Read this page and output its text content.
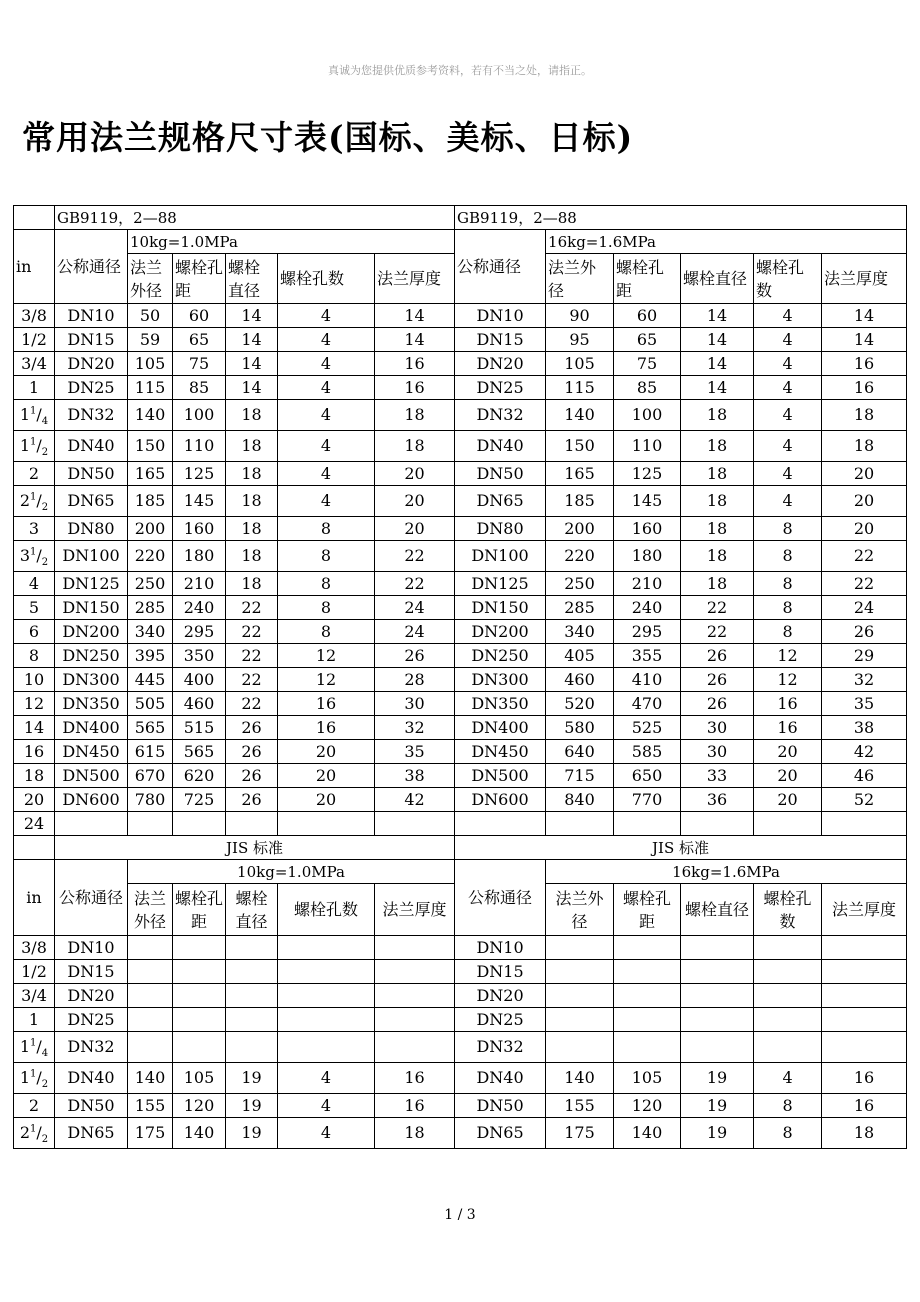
真诚为您提供优质参考资料，若有不当之处，请指正。
常用法兰规格尺寸表(国标、美标、日标)
	GB9119，2—88						GB9119，2—88					
in	公称通径	10kg=1.0MPa					公称通径	16kg=1.6MPa				
		法兰外径	螺栓孔距	螺栓直径	螺栓孔数	法兰厚度		法兰外径	螺栓孔距	螺栓直径	螺栓孔数	法兰厚度
3/8	DN10	50	60	14	4	14	DN10	90	60	14	4	14
1/2	DN15	59	65	14	4	14	DN15	95	65	14	4	14
3/4	DN20	105	75	14	4	16	DN20	105	75	14	4	16
1	DN25	115	85	14	4	16	DN25	115	85	14	4	16
$1^1/_4$	DN32	140	100	18	4	18	DN32	140	100	18	4	18
$1^1/_2$	DN40	150	110	18	4	18	DN40	150	110	18	4	18
2	DN50	165	125	18	4	20	DN50	165	125	18	4	20
$2^1/_2$	DN65	185	145	18	4	20	DN65	185	145	18	4	20
3	DN80	200	160	18	8	20	DN80	200	160	18	8	20
$3^1/_2$	DN100	220	180	18	8	22	DN100	220	180	18	8	22
4	DN125	250	210	18	8	22	DN125	250	210	18	8	22
5	DN150	285	240	22	8	24	DN150	285	240	22	8	24
6	DN200	340	295	22	8	24	DN200	340	295	22	8	26
8	DN250	395	350	22	12	26	DN250	405	355	26	12	29
10	DN300	445	400	22	12	28	DN300	460	410	26	12	32
12	DN350	505	460	22	16	30	DN350	520	470	26	16	35
14	DN400	565	515	26	16	32	DN400	580	525	30	16	38
16	DN450	615	565	26	20	35	DN450	640	585	30	20	42
18	DN500	670	620	26	20	38	DN500	715	650	33	20	46
20	DN600	780	725	26	20	42	DN600	840	770	36	20	52
24												
	JIS 标准						JIS 标准					
in	公称通径	10kg=1.0MPa					公称通径	16kg=1.6MPa				
		法兰外径	螺栓孔距	螺栓直径	螺栓孔数	法兰厚度		法兰外径	螺栓孔距	螺栓直径	螺栓孔数	法兰厚度
3/8	DN10						DN10					
1/2	DN15						DN15					
3/4	DN20						DN20					
1	DN25						DN25					
$1^1/_4$	DN32						DN32					
$1^1/_2$	DN40	140	105	19	4	16	DN40	140	105	19	4	16
2	DN50	155	120	19	4	16	DN50	155	120	19	8	16
$2^1/_2$	DN65	175	140	19	4	18	DN65	175	140	19	8	18
1 / 3
